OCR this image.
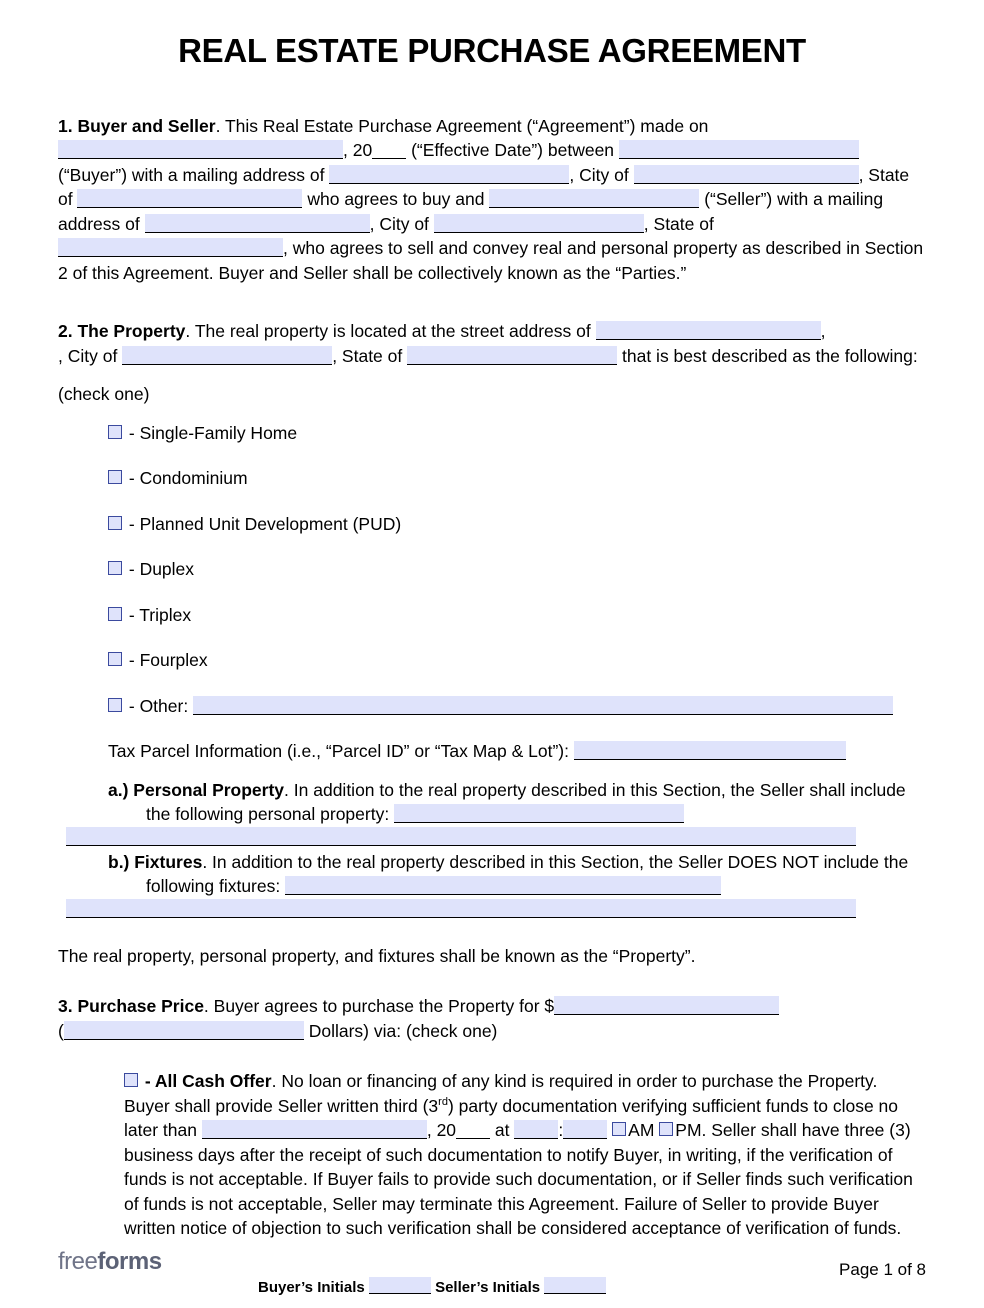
REAL ESTATE PURCHASE AGREEMENT

1. Buyer and Seller. This Real Estate Purchase Agreement (“Agreement”) made on , 20 (“Effective Date”) between  (“Buyer”) with a mailing address of	, City of	, State of	who agrees to buy and	(“Seller”) with a mailing address of	, City of	, State of , who agrees to sell and convey real and personal property as described in Section 2 of this Agreement. Buyer and Seller shall be collectively known as the “Parties.”

2. The Property. The real property is located at the street address of	,

, City of	, State of	that is best described as the following:

(check one)

- Single-Family Home
- Condominium
- Planned Unit Development (PUD)
- Duplex
- Triplex
- Fourplex
- Other:

Tax Parcel Information (i.e., “Parcel ID” or “Tax Map & Lot”):

a.) Personal Property. In addition to the real property described in this Section, the Seller shall include the following personal property:
b.) Fixtures. In addition to the real property described in this Section, the Seller DOES NOT include the following fixtures:

The real property, personal property, and fixtures shall be known as the “Property”.

3. Purchase Price. Buyer agrees to purchase the Property for $

(	Dollars) via: (check one)

- All Cash Offer. No loan or financing of any kind is required in order to purchase the Property. Buyer shall provide Seller written third (3rd) party documentation verifying sufficient funds to close no later than	, 20 at	:	AM PM. Seller shall have three (3) business days after the receipt of such documentation to notify Buyer, in writing, if the verification of funds is not acceptable. If Buyer fails to provide such documentation, or if Seller finds such verification of funds is not acceptable, Seller may terminate this Agreement. Failure of Seller to provide Buyer written notice of objection to such verification shall be considered acceptance of verification of funds.

freeforms
Buyer’s Initials	Seller’s Initials
Page 1 of 8
